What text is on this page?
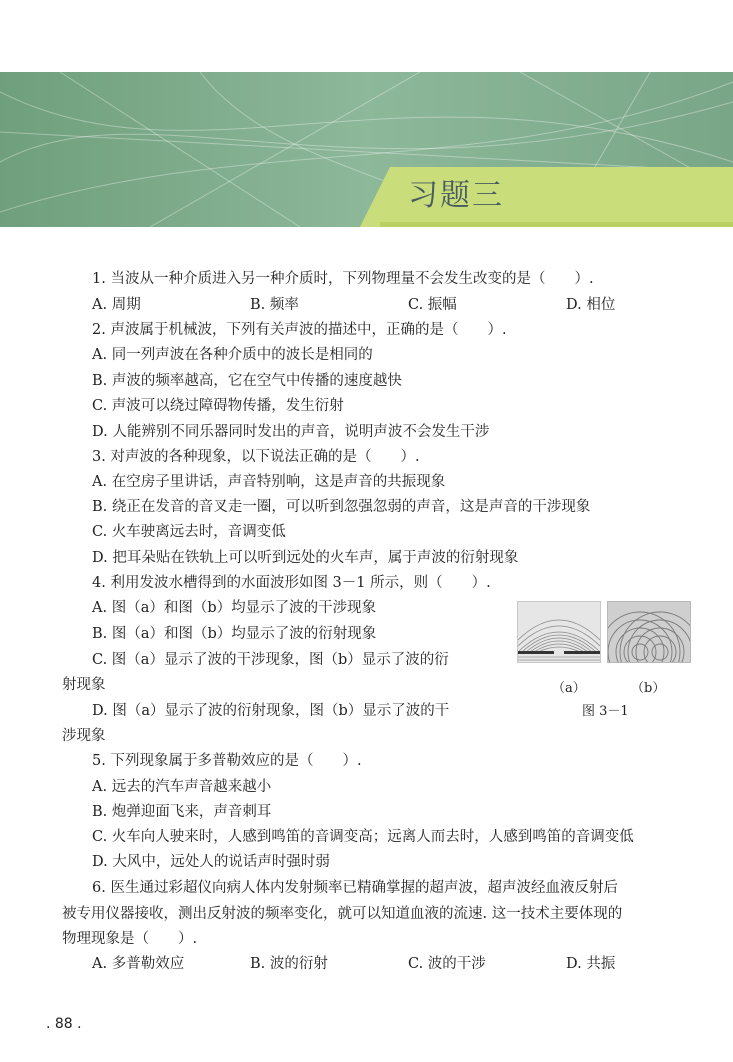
习题三
1. 当波从一种介质进入另一种介质时，下列物理量不会发生改变的是（　　）.
A. 周期	B. 频率	C. 振幅	D. 相位
2. 声波属于机械波，下列有关声波的描述中，正确的是（　　）.
A. 同一列声波在各种介质中的波长是相同的
B. 声波的频率越高，它在空气中传播的速度越快
C. 声波可以绕过障碍物传播，发生衍射
D. 人能辨别不同乐器同时发出的声音，说明声波不会发生干涉
3. 对声波的各种现象，以下说法正确的是（　　）.
A. 在空房子里讲话，声音特别响，这是声音的共振现象
B. 绕正在发音的音叉走一圈，可以听到忽强忽弱的声音，这是声音的干涉现象
C. 火车驶离远去时，音调变低
D. 把耳朵贴在铁轨上可以听到远处的火车声，属于声波的衍射现象
4. 利用发波水槽得到的水面波形如图 3－1 所示，则（　　）.
A. 图（a）和图（b）均显示了波的干涉现象
B. 图（a）和图（b）均显示了波的衍射现象
C. 图（a）显示了波的干涉现象，图（b）显示了波的衍
射现象
D. 图（a）显示了波的衍射现象，图（b）显示了波的干
涉现象
（a）	（b）
图 3－1
5. 下列现象属于多普勒效应的是（　　）.
A. 远去的汽车声音越来越小
B. 炮弹迎面飞来，声音刺耳
C. 火车向人驶来时，人感到鸣笛的音调变高；远离人而去时，人感到鸣笛的音调变低
D. 大风中，远处人的说话声时强时弱
6. 医生通过彩超仪向病人体内发射频率已精确掌握的超声波，超声波经血液反射后
被专用仪器接收，测出反射波的频率变化，就可以知道血液的流速. 这一技术主要体现的
物理现象是（　　）.
A. 多普勒效应	B. 波的衍射	C. 波的干涉	D. 共振
. 88 .
